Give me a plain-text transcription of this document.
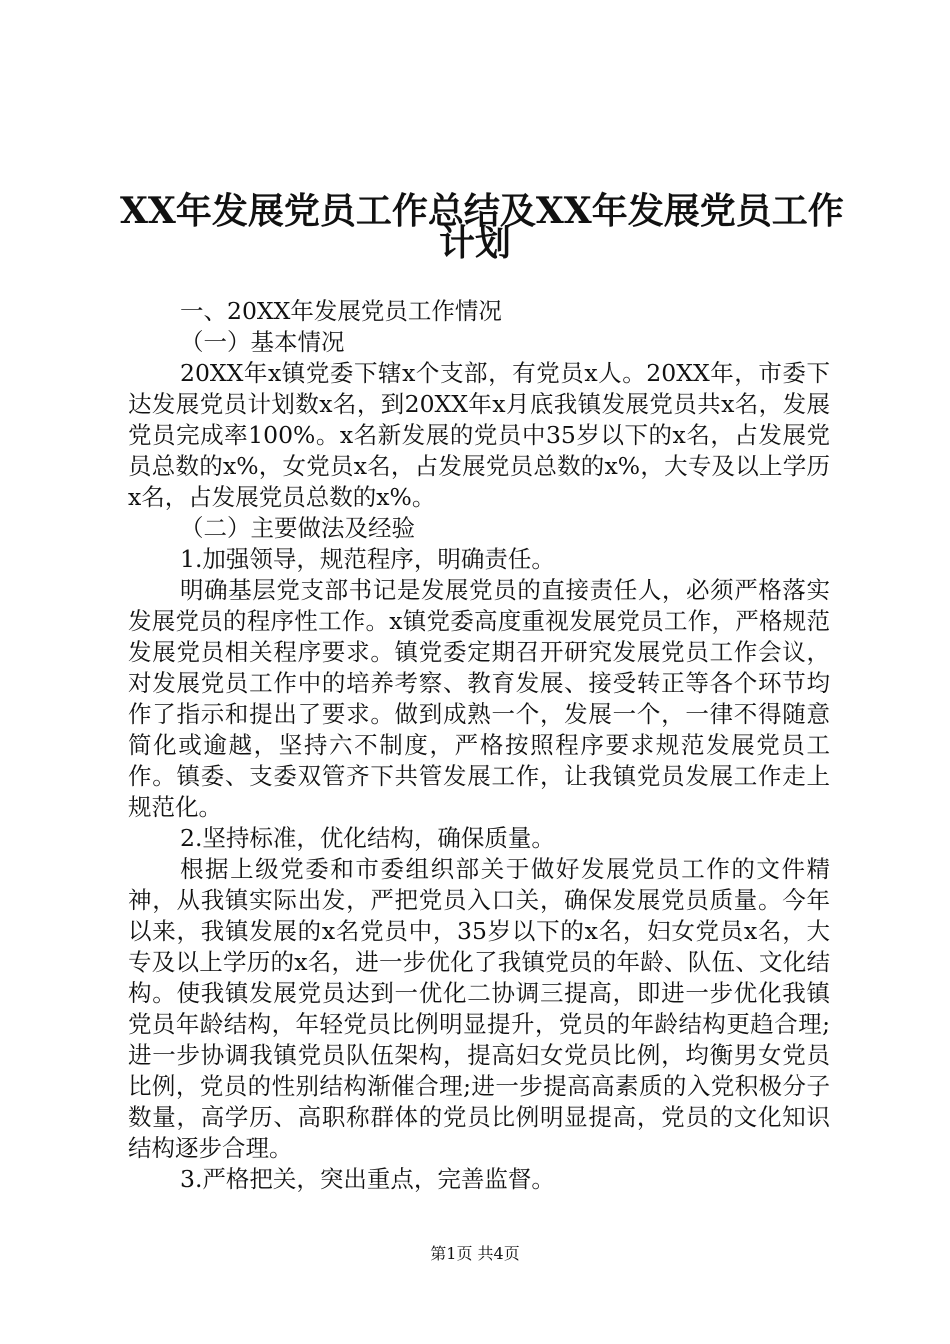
XX年发展党员工作总结及XX年发展党员工作
计划

一、20XX年发展党员工作情况

（一）基本情况

20XX年x镇党委下辖x个支部，有党员x人。20XX年，市委下达发展党员计划数x名，到20XX年x月底我镇发展党员共x名，发展党员完成率100%。x名新发展的党员中35岁以下的x名，占发展党员总数的x%，女党员x名，占发展党员总数的x%，大专及以上学历x名，占发展党员总数的x%。

（二）主要做法及经验

1.加强领导，规范程序，明确责任。

明确基层党支部书记是发展党员的直接责任人，必须严格落实发展党员的程序性工作。x镇党委高度重视发展党员工作，严格规范发展党员相关程序要求。镇党委定期召开研究发展党员工作会议，对发展党员工作中的培养考察、教育发展、接受转正等各个环节均作了指示和提出了要求。做到成熟一个，发展一个，一律不得随意简化或逾越，坚持六不制度，严格按照程序要求规范发展党员工作。镇委、支委双管齐下共管发展工作，让我镇党员发展工作走上规范化。

2.坚持标准，优化结构，确保质量。

根据上级党委和市委组织部关于做好发展党员工作的文件精神，从我镇实际出发，严把党员入口关，确保发展党员质量。今年以来，我镇发展的x名党员中，35岁以下的x名，妇女党员x名，大专及以上学历的x名，进一步优化了我镇党员的年龄、队伍、文化结构。使我镇发展党员达到一优化二协调三提高，即进一步优化我镇党员年龄结构，年轻党员比例明显提升，党员的年龄结构更趋合理;进一步协调我镇党员队伍架构，提高妇女党员比例，均衡男女党员比例，党员的性别结构渐催合理;进一步提高高素质的入党积极分子数量，高学历、高职称群体的党员比例明显提高，党员的文化知识结构逐步合理。

3.严格把关，突出重点，完善监督。

第1页 共4页
